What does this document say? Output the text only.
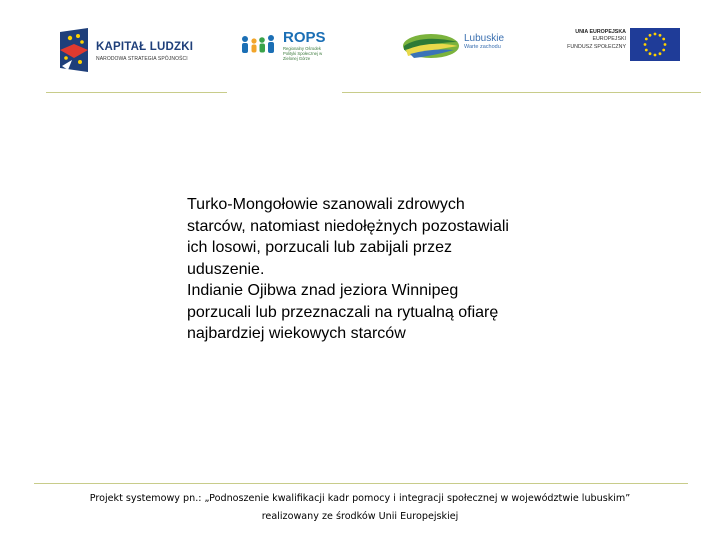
KAPITAŁ LUDZKI
NARODOWA STRATEGIA SPÓJNOŚCI
ROPS
Regionalny Ośrodek Polityki Społecznej w Zielonej Górze
Lubuskie
Warte zachodu
UNIA EUROPEJSKA
EUROPEJSKI
FUNDUSZ SPOŁECZNY

Turko-Mongołowie szanowali zdrowych starców, natomiast niedołężnych pozostawiali ich losowi, porzucali lub zabijali przez uduszenie.

Indianie Ojibwa znad jeziora Winnipeg porzucali lub przeznaczali na rytualną ofiarę najbardziej wiekowych starców

Projekt systemowy pn.: „Podnoszenie kwalifikacji kadr pomocy i integracji społecznej w województwie lubuskim”
realizowany ze środków Unii Europejskiej
